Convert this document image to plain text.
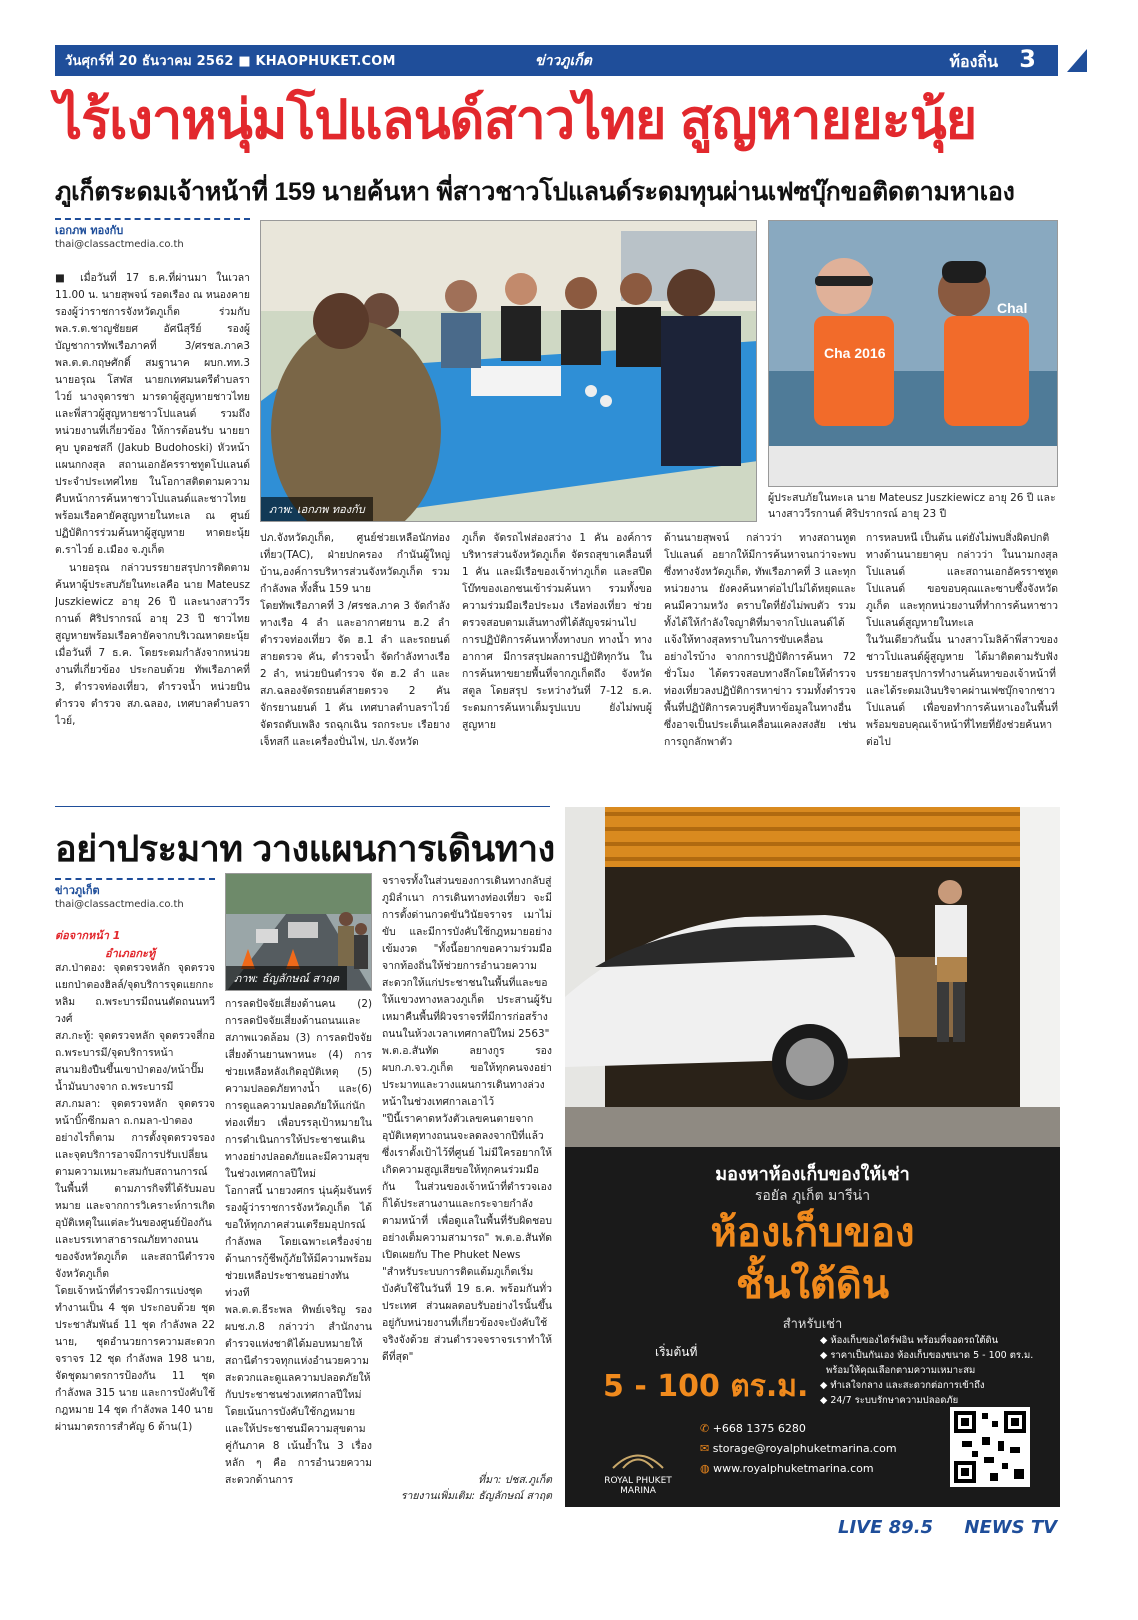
วันศุกร์ที่ 20 ธันวาคม 2562 ■ KHAOPHUKET.COM	ข่าวภูเก็ต	ท้องถิ่น 3
ไร้เงาหนุ่มโปแลนด์สาวไทย สูญหายยะนุ้ย
ภูเก็ตระดมเจ้าหน้าที่ 159 นายค้นหา พี่สาวชาวโปแลนด์ระดมทุนผ่านเฟซบุ๊กขอติดตามหาเอง
เอกภพ ทองกับ
thai@classactmedia.co.th

■ เมื่อวันที่ 17 ธ.ค.ที่ผ่านมา ในเวลา 11.00 น. นายสุพจน์ รอดเรือง ณ หนองคาย รองผู้ว่าราชการจังหวัดภูเก็ต ร่วมกับ พล.ร.ต.ชาญชัยยศ อัศนีสุรีย์ รองผู้บัญชาการทัพเรือภาคที่ 3/ศรชล.ภาค3 พล.ต.ต.กฤษศักดิ์ สมฐานาค ผบก.ทท.3 นายอรุณ โสฬส นายกเทศมนตรีตำบลราไวย์ นางจุดารชา มารดาผู้สูญหายชาวไทย และพี่สาวผู้สูญหายชาวโปแลนด์ รวมถึงหน่วยงานที่เกี่ยวข้อง ให้การต้อนรับ นายยาคุบ บูดอชสกี (Jakub Budohoski) หัวหน้าแผนกกงสุล สถานเอกอัครราชทูตโปแลนด์ประจำประเทศไทย ในโอกาสติดตามความคืบหน้าการค้นหาชาวโปแลนด์และชาวไทยพร้อมเรือคายัคสูญหายในทะเล ณ ศูนย์ปฏิบัติการร่วมค้นหาผู้สูญหาย หาดยะนุ้ย ต.ราไวย์ อ.เมือง จ.ภูเก็ต

นายอรุณ กล่าวบรรยายสรุปการติดตามค้นหาผู้ประสบภัยในทะเลคือ นาย Mateusz Juszkiewicz อายุ 26 ปี และนางสาววีรกานต์ ศิริปรากรณ์ อายุ 23 ปี ชาวไทย สูญหายพร้อมเรือคายัคจากบริเวณหาดยะนุ้ย เมื่อวันที่ 7 ธ.ค. โดยระดมกำลังจากหน่วยงานที่เกี่ยวข้อง ประกอบด้วย ทัพเรือภาคที่ 3, ตำรวจท่องเที่ยว, ตำรวจน้ำ หน่วยบินตำรวจ ตำรวจ สภ.ฉลอง, เทศบาลตำบลราไวย์,

ภาพ: เอกภพ ทองกับ
Cha 2016
Chal
ผู้ประสบภัยในทะเล นาย Mateusz Juszkiewicz อายุ 26 ปี และนางสาววีรกานต์ ศิริปรากรณ์ อายุ 23 ปี
ปภ.จังหวัดภูเก็ต, ศูนย์ช่วยเหลือนักท่องเที่ยว(TAC), ฝ่ายปกครอง กำนันผู้ใหญ่บ้าน,องค์การบริหารส่วนจังหวัดภูเก็ต รวมกำลังพล ทั้งสิ้น 159 นาย
โดยทัพเรือภาคที่ 3 /ศรชล.ภาค 3 จัดกำลังทางเรือ 4 ลำ และอากาศยาน ฮ.2 ลำ ตำรวจท่องเที่ยว จัด ฮ.1 ลำ และรถยนต์สายตรวจ คัน, ตำรวจน้ำ จัดกำลังทางเรือ 2 ลำ, หน่วยบินตำรวจ จัด ฮ.2 ลำ และ สภ.ฉลองจัดรถยนต์สายตรวจ 2 คัน จักรยานยนต์ 1 คัน เทศบาลตำบลราไวย์ จัดรถดับเพลิง รถฉุกเฉิน รถกระบะ เรือยาง เจ็ทสกี และเครื่องปั่นไฟ, ปภ.จังหวัด
ภูเก็ต จัดรถไฟส่องสว่าง 1 คัน องค์การบริหารส่วนจังหวัดภูเก็ต จัดรถสุขาเคลื่อนที่ 1 คัน และมีเรือของเจ้าท่าภูเก็ต และสปีดโบ๊ทของเอกชนเข้าร่วมค้นหา รวมทั้งขอความร่วมมือเรือประมง เรือท่องเที่ยว ช่วยตรวจสอบตามเส้นทางที่ได้สัญจรผ่านไป
การปฏิบัติการค้นหาทั้งทางบก ทางน้ำ ทางอากาศ มีการสรุปผลการปฏิบัติทุกวัน ในการค้นหาขยายพื้นที่จากภูเก็ตถึง จังหวัดสตูล โดยสรุป ระหว่างวันที่ 7-12 ธ.ค. ระดมการค้นหาเต็มรูปแบบ ยังไม่พบผู้สูญหาย
ด้านนายสุพจน์ กล่าวว่า ทางสถานทูตโปแลนด์ อยากให้มีการค้นหาจนกว่าจะพบ ซึ่งทางจังหวัดภูเก็ต, ทัพเรือภาคที่ 3 และทุกหน่วยงาน ยังคงค้นหาต่อไปไม่ได้หยุดและคนมีความหวัง ตราบใดที่ยังไม่พบตัว รวมทั้งได้ให้กำลังใจญาติที่มาจากโปแลนด์ได้แจ้งให้ทางสุลทราบในการขับเคลื่อนอย่างไรบ้าง จากการปฏิบัติการค้นหา 72 ชั่วโมง ได้ตรวจสอบทางลึกโดยให้ตำรวจท่องเที่ยวลงปฏิบัติการหาข่าว รวมทั้งตำรวจพื้นที่ปฏิบัติการควบคู่สืบหาข้อมูลในทางอื่น ซึ่งอาจเป็นประเด็นเคลื่อนแคลงสงสัย เช่น การถูกลักพาตัว
การหลบหนี เป็นต้น แต่ยังไม่พบสิ่งผิดปกติ
ทางด้านนายยาคุบ กล่าวว่า ในนามกงสุลโปแลนด์ และสถานเอกอัครราชทูตโปแลนด์ ขอขอบคุณและซาบซึ้งจังหวัดภูเก็ต และทุกหน่วยงานที่ทำการค้นหาชาวโปแลนด์สูญหายในทะเล
ในวันเดียวกันนั้น นางสาวโมลิค้าพี่สาวของชาวโปแลนด์ผู้สูญหาย ได้มาติดตามรับฟังบรรยายสรุปการทำงานค้นหาของเจ้าหน้าที่ และได้ระดมเงินบริจาคผ่านเฟซบุ๊กจากชาวโปแลนด์ เพื่อขอทำการค้นหาเองในพื้นที่ พร้อมขอบคุณเจ้าหน้าที่ไทยที่ยังช่วยค้นหาต่อไป
อย่าประมาท วางแผนการเดินทาง
ข่าวภูเก็ต
thai@classactmedia.co.th
ต่อจากหน้า 1
อำเภอกะทู้
สภ.ป่าตอง: จุดตรวจหลัก จุดตรวจแยกป่าตองฮิลล์/จุดบริการจุดแยกกะหลิม ถ.พระบารมีถนนตัดถนนทวีวงศ์
สภ.กะทู้: จุดตรวจหลัก จุดตรวจสี่กอ ถ.พระบารมี/จุดบริการหน้าสนามยิงปืนขึ้นเขาป่าตอง/หน้าปั๊มน้ำมันบางจาก ถ.พระบารมี
สภ.กมลา: จุดตรวจหลัก จุดตรวจหน้าบิ๊กซีกมลา ถ.กมลา-ป่าตอง
อย่างไรก็ตาม การตั้งจุดตรวจรองและจุดบริการอาจมีการปรับเปลี่ยนตามความเหมาะสมกับสถานการณ์ในพื้นที่ ตามภารกิจที่ได้รับมอบหมาย และจากการวิเคราะห์การเกิดอุบัติเหตุในแต่ละวันของศูนย์ป้องกันและบรรเทาสาธารณภัยทางถนนของจังหวัดภูเก็ต และสถานีตำรวจจังหวัดภูเก็ต
โดยเจ้าหน้าที่ตำรวจมีการแบ่งชุดทำงานเป็น 4 ชุด ประกอบด้วย ชุดประชาสัมพันธ์ 11 ชุด กำลังพล 22 นาย, ชุดอำนวยการความสะดวกจราจร 12 ชุด กำลังพล 198 นาย, จัดชุดมาตรการป้องกัน 11 ชุด กำลังพล 315 นาย และการบังคับใช้กฎหมาย 14 ชุด กำลังพล 140 นาย
ผ่านมาตรการสำคัญ 6 ด้าน(1)
ภาพ: ธัญลักษณ์ สาฤต
การลดปัจจัยเสี่ยงด้านคน (2) การลดปัจจัยเสี่ยงด้านถนนและสภาพแวดล้อม (3) การลดปัจจัยเสี่ยงด้านยานพาหนะ (4) การช่วยเหลือหลังเกิดอุบัติเหตุ (5) ความปลอดภัยทางน้ำ และ(6) การดูแลความปลอดภัยให้แก่นักท่องเที่ยว เพื่อบรรลุเป้าหมายในการดำเนินการให้ประชาชนเดินทางอย่างปลอดภัยและมีความสุขในช่วงเทศกาลปีใหม่
โอกาสนี้ นายวงศกร นุ่นคุ้มจันทร์ รองผู้ว่าราชการจังหวัดภูเก็ต ได้ขอให้ทุกภาคส่วนเตรียมอุปกรณ์กำลังพล โดยเฉพาะเครื่องจ่ายด้านการกู้ชีพกู้ภัยให้มีความพร้อม ช่วยเหลือประชาชนอย่างทันท่วงที
พล.ต.ต.ธีระพล ทิพย์เจริญ รองผบช.ภ.8 กล่าวว่า สำนักงานตำรวจแห่งชาติได้มอบหมายให้สถานีตำรวจทุกแห่งอำนวยความสะดวกและดูแลความปลอดภัยให้กับประชาชนช่วงเทศกาลปีใหม่ โดยเน้นการบังคับใช้กฎหมาย และให้ประชาชนมีความสุขตามคู่กันภาค 8 เน้นย้ำใน 3 เรื่องหลัก ๆ คือ การอำนวยความสะดวกด้านการ
จราจรทั้งในส่วนของการเดินทางกลับสู่ภูมิลำเนา การเดินทางท่องเที่ยว จะมีการตั้งด่านกวดขันวินัยจราจร เมาไม่ขับ และมีการบังคับใช้กฎหมายอย่างเข้มงวด "ทั้งนี้อยากขอความร่วมมือจากท้องถิ่นให้ช่วยการอำนวยความสะดวกให้แก่ประชาชนในพื้นที่และขอให้แขวงทางหลวงภูเก็ต ประสานผู้รับเหมาคืนพื้นที่ผิวจราจรที่มีการก่อสร้างถนนในห้วงเวลาเทศกาลปีใหม่ 2563"
พ.ต.อ.สันทัด ลยางกูร รอง ผบก.ภ.จว.ภูเก็ต ขอให้ทุกคนจงอย่าประมาทและวางแผนการเดินทางล่วงหน้าในช่วงเทศกาลเอาไว้
"ปีนี้เราคาดหวังตัวเลขคนตายจากอุบัติเหตุทางถนนจะลดลงจากปีที่แล้ว ซึ่งเราตั้งเป้าไว้ที่ศูนย์ ไม่มีใครอยากให้เกิดความสูญเสียขอให้ทุกคนร่วมมือกัน ในส่วนของเจ้าหน้าที่ตำรวจเองก็ได้ประสานงานและกระจายกำลังตามหน้าที่ เพื่อดูแลในพื้นที่รับผิดชอบอย่างเต็มความสามารถ" พ.ต.อ.สันทัด เปิดเผยกับ The Phuket News
"สำหรับระบบการติดแต้มภูเก็ตเริ่มบังคับใช้ในวันที่ 19 ธ.ค. พร้อมกันทั่วประเทศ ส่วนผลตอบรับอย่างไรนั้นขึ้นอยู่กับหน่วยงานที่เกี่ยวข้องจะบังคับใช้จริงจังด้วย ส่วนตำรวจจราจรเราทำให้ดีที่สุด"
ที่มา: ปชส.ภูเก็ต
รายงานเพิ่มเติม: ธัญลักษณ์ สาฤต
มองหาห้องเก็บของให้เช่า
รอยัล ภูเก็ต มารีน่า
ห้องเก็บของ
ชั้นใต้ดิน
สำหรับเช่า
เริ่มต้นที่
5 - 100 ตร.ม.
◆ ห้องเก็บของไดร์ฟอิน พร้อมที่จอดรถใต้ดิน
◆ ราคาเป็นกันเอง ห้องเก็บของขนาด 5 - 100 ตร.ม.
พร้อมให้คุณเลือกตามความเหมาะสม
◆ ทำเลใจกลาง และสะดวกต่อการเข้าถึง
◆ 24/7 ระบบรักษาความปลอดภัย
ROYAL PHUKET MARINA
✆ +668 1375 6280
✉ storage@royalphuketmarina.com
◍ www.royalphuketmarina.com
LIVE 89.5 NEWS TV
